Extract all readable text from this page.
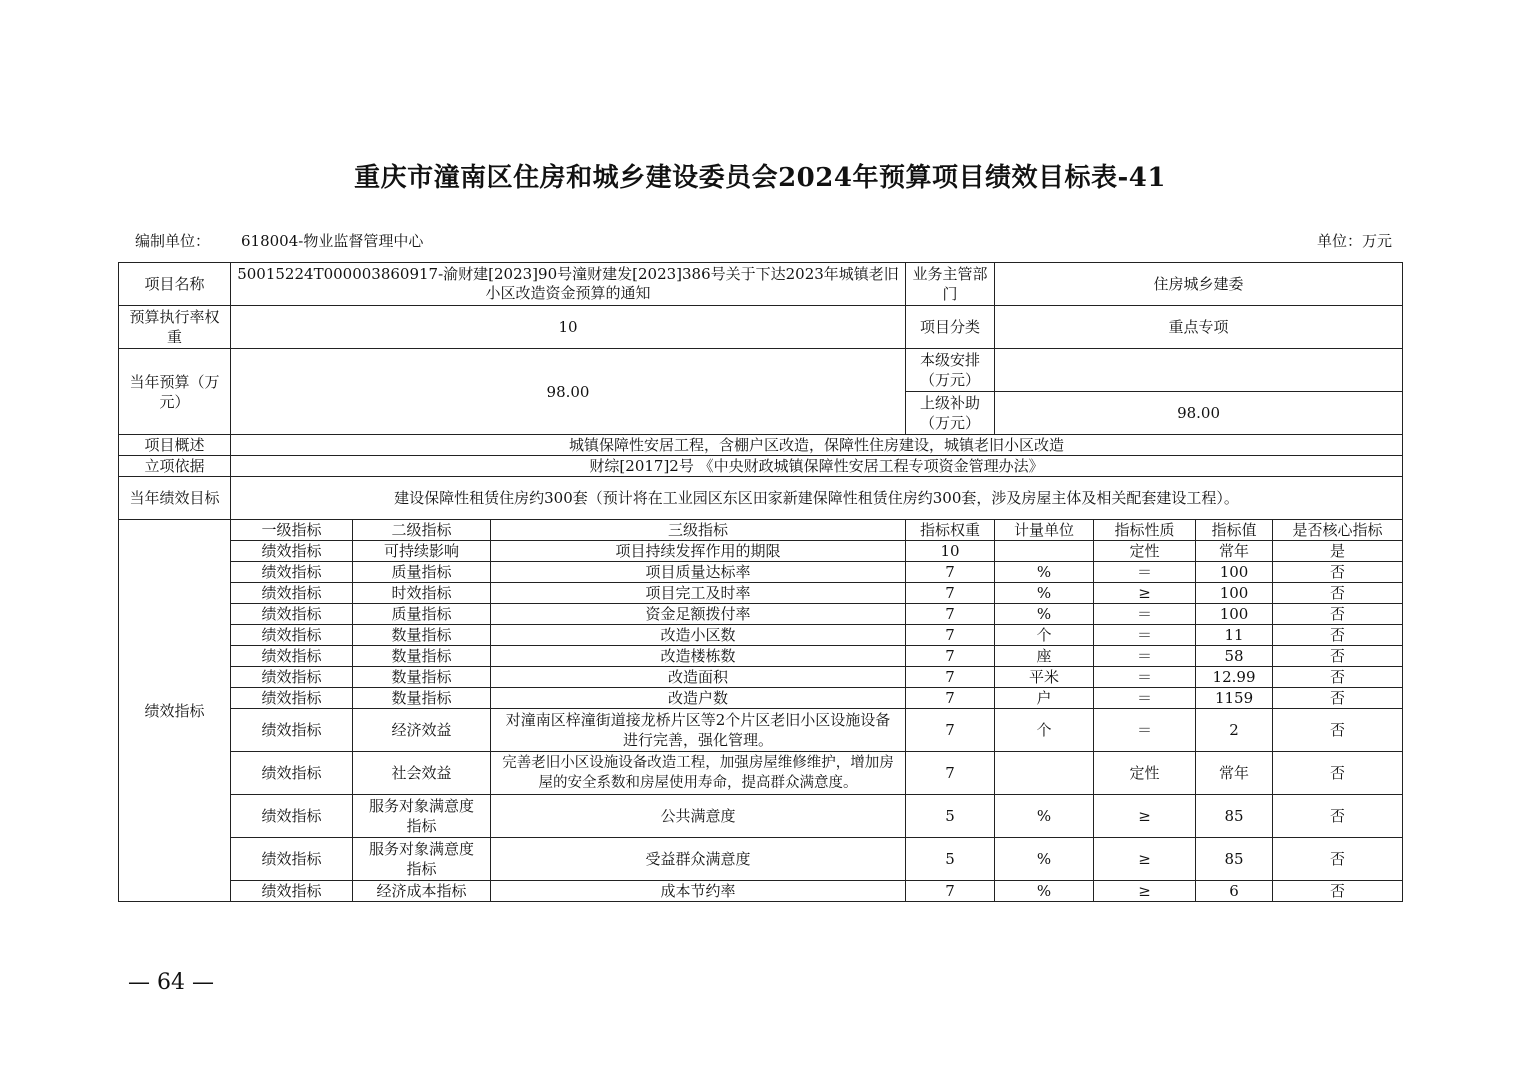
重庆市潼南区住房和城乡建设委员会2024年预算项目绩效目标表-41
编制单位： 618004-物业监督管理中心	单位：万元
项目名称	50015224T000003860917-渝财建[2023]90号潼财建发[2023]386号关于下达2023年城镇老旧小区改造资金预算的通知			业务主管部门	住房城乡建委			
预算执行率权重	10			项目分类	重点专项			
当年预算（万元）	98.00			本级安排（万元）				
				上级补助（万元）	98.00			
项目概述	城镇保障性安居工程，含棚户区改造，保障性住房建设，城镇老旧小区改造							
立项依据	财综[2017]2号 《中央财政城镇保障性安居工程专项资金管理办法》							
当年绩效目标	建设保障性租赁住房约300套（预计将在工业园区东区田家新建保障性租赁住房约300套，涉及房屋主体及相关配套建设工程）。							
绩效指标	一级指标	二级指标	三级指标	指标权重	计量单位	指标性质	指标值	是否核心指标
	绩效指标	可持续影响	项目持续发挥作用的期限	10		定性	常年	是
	绩效指标	质量指标	项目质量达标率	7	%	＝	100	否
	绩效指标	时效指标	项目完工及时率	7	%	≥	100	否
	绩效指标	质量指标	资金足额拨付率	7	%	＝	100	否
	绩效指标	数量指标	改造小区数	7	个	＝	11	否
	绩效指标	数量指标	改造楼栋数	7	座	＝	58	否
	绩效指标	数量指标	改造面积	7	平米	＝	12.99	否
	绩效指标	数量指标	改造户数	7	户	＝	1159	否
	绩效指标	经济效益	对潼南区梓潼街道接龙桥片区等2个片区老旧小区设施设备进行完善，强化管理。	7	个	＝	2	否
	绩效指标	社会效益	完善老旧小区设施设备改造工程，加强房屋维修维护，增加房屋的安全系数和房屋使用寿命，提高群众满意度。	7		定性	常年	否
	绩效指标	服务对象满意度指标	公共满意度	5	%	≥	85	否
	绩效指标	服务对象满意度指标	受益群众满意度	5	%	≥	85	否
	绩效指标	经济成本指标	成本节约率	7	%	≥	6	否
— 64 —
